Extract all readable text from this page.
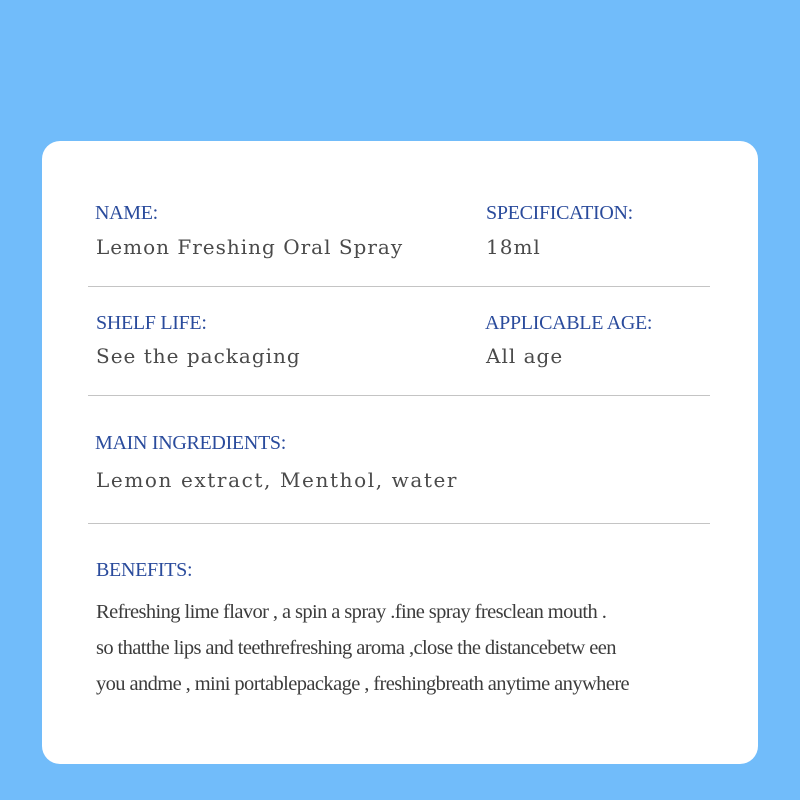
NAME:
Lemon Freshing Oral Spray
SPECIFICATION:
18ml
SHELF LIFE:
See the packaging
APPLICABLE AGE:
All age
MAIN INGREDIENTS:
Lemon extract, Menthol, water
BENEFITS:
Refreshing lime flavor , a spin a spray .fine spray fresclean mouth .
so thatthe lips and teethrefreshing aroma ,close the distancebetw een
you andme , mini portablepackage , freshingbreath anytime anywhere
